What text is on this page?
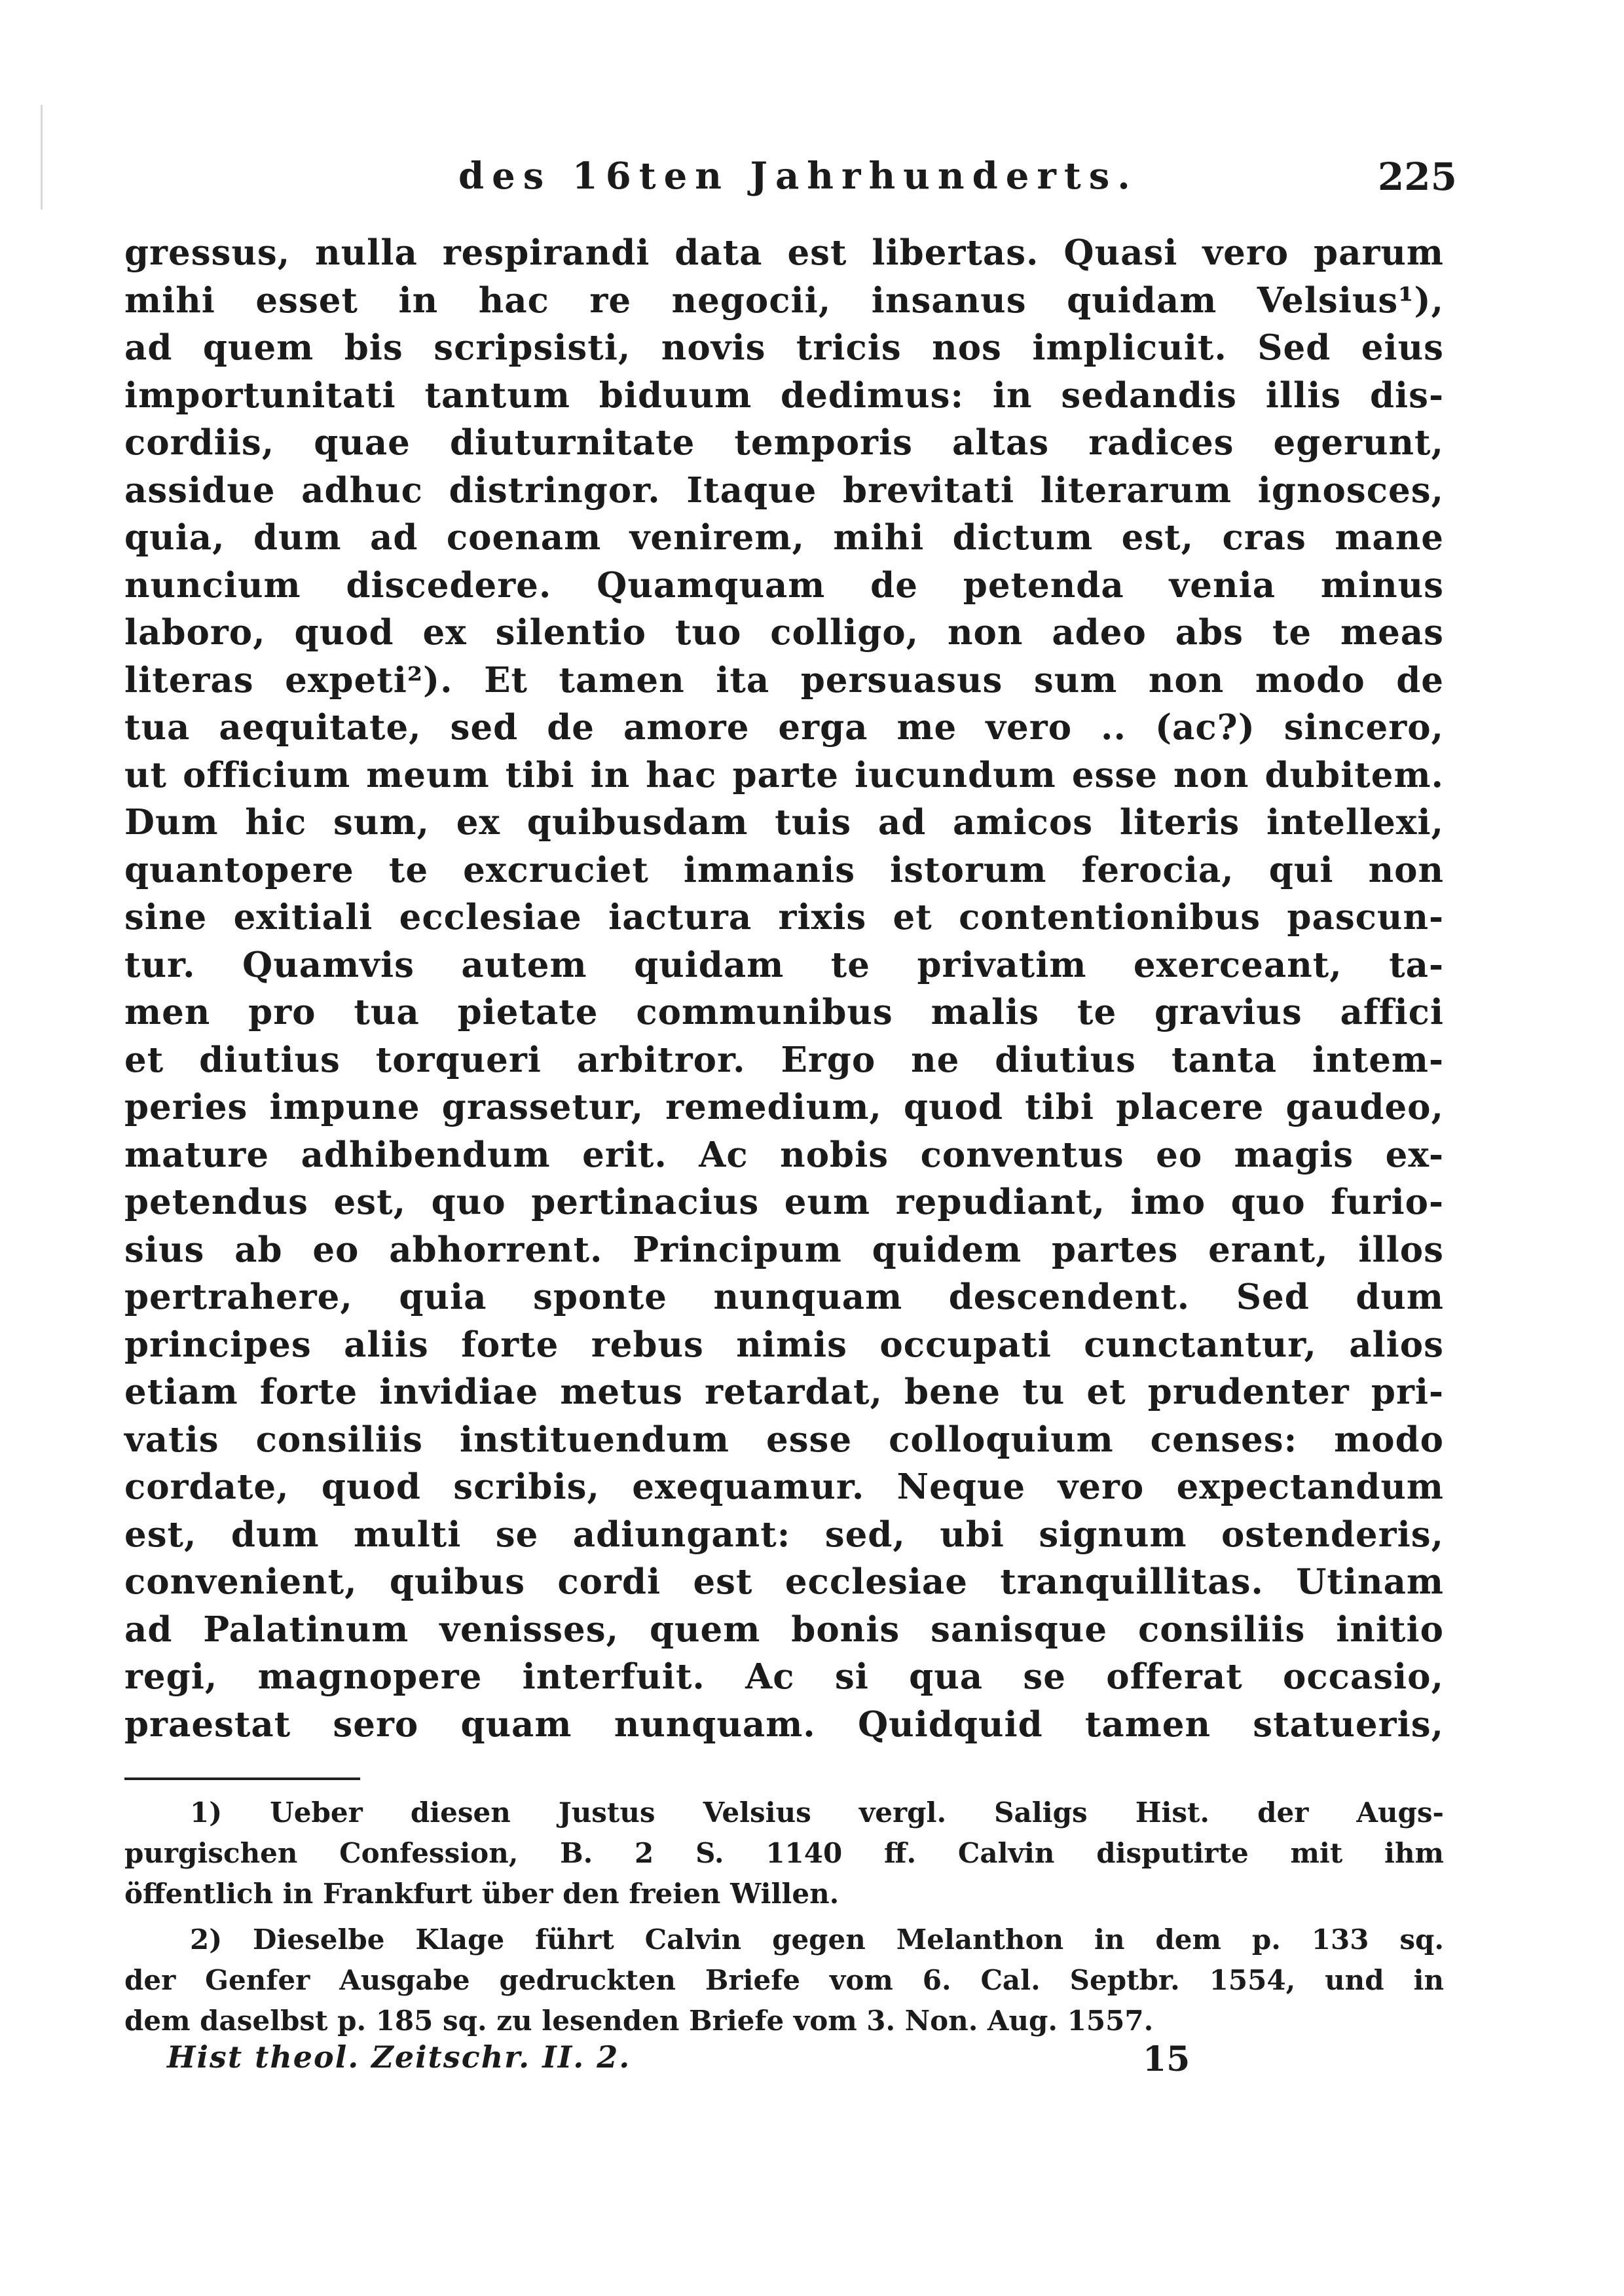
des 16ten Jahrhunderts.	225
gressus, nulla respirandi data est libertas. Quasi vero parum
mihi esset in hac re negocii, insanus quidam Velsius¹),
ad quem bis scripsisti, novis tricis nos implicuit. Sed eius
importunitati tantum biduum dedimus: in sedandis illis dis-
cordiis, quae diuturnitate temporis altas radices egerunt,
assidue adhuc distringor. Itaque brevitati literarum ignosces,
quia, dum ad coenam venirem, mihi dictum est, cras mane
nuncium discedere. Quamquam de petenda venia minus
laboro, quod ex silentio tuo colligo, non adeo abs te meas
literas expeti²). Et tamen ita persuasus sum non modo de
tua aequitate, sed de amore erga me vero .. (ac?) sincero,
ut officium meum tibi in hac parte iucundum esse non dubitem.
Dum hic sum, ex quibusdam tuis ad amicos literis intellexi,
quantopere te excruciet immanis istorum ferocia, qui non
sine exitiali ecclesiae iactura rixis et contentionibus pascun-
tur. Quamvis autem quidam te privatim exerceant, ta-
men pro tua pietate communibus malis te gravius affici
et diutius torqueri arbitror. Ergo ne diutius tanta intem-
peries impune grassetur, remedium, quod tibi placere gaudeo,
mature adhibendum erit. Ac nobis conventus eo magis ex-
petendus est, quo pertinacius eum repudiant, imo quo furio-
sius ab eo abhorrent. Principum quidem partes erant, illos
pertrahere, quia sponte nunquam descendent. Sed dum
principes aliis forte rebus nimis occupati cunctantur, alios
etiam forte invidiae metus retardat, bene tu et prudenter pri-
vatis consiliis instituendum esse colloquium censes: modo
cordate, quod scribis, exequamur. Neque vero expectandum
est, dum multi se adiungant: sed, ubi signum ostenderis,
convenient, quibus cordi est ecclesiae tranquillitas. Utinam
ad Palatinum venisses, quem bonis sanisque consiliis initio
regi, magnopere interfuit. Ac si qua se offerat occasio,
praestat sero quam nunquam. Quidquid tamen statueris,
1) Ueber diesen Justus Velsius vergl. Saligs Hist. der Augs-
purgischen Confession, B. 2 S. 1140 ff. Calvin disputirte mit ihm
öffentlich in Frankfurt über den freien Willen.
2) Dieselbe Klage führt Calvin gegen Melanthon in dem p. 133 sq.
der Genfer Ausgabe gedruckten Briefe vom 6. Cal. Septbr. 1554, und in
dem daselbst p. 185 sq. zu lesenden Briefe vom 3. Non. Aug. 1557.
Hist theol. Zeitschr. II. 2.	15
